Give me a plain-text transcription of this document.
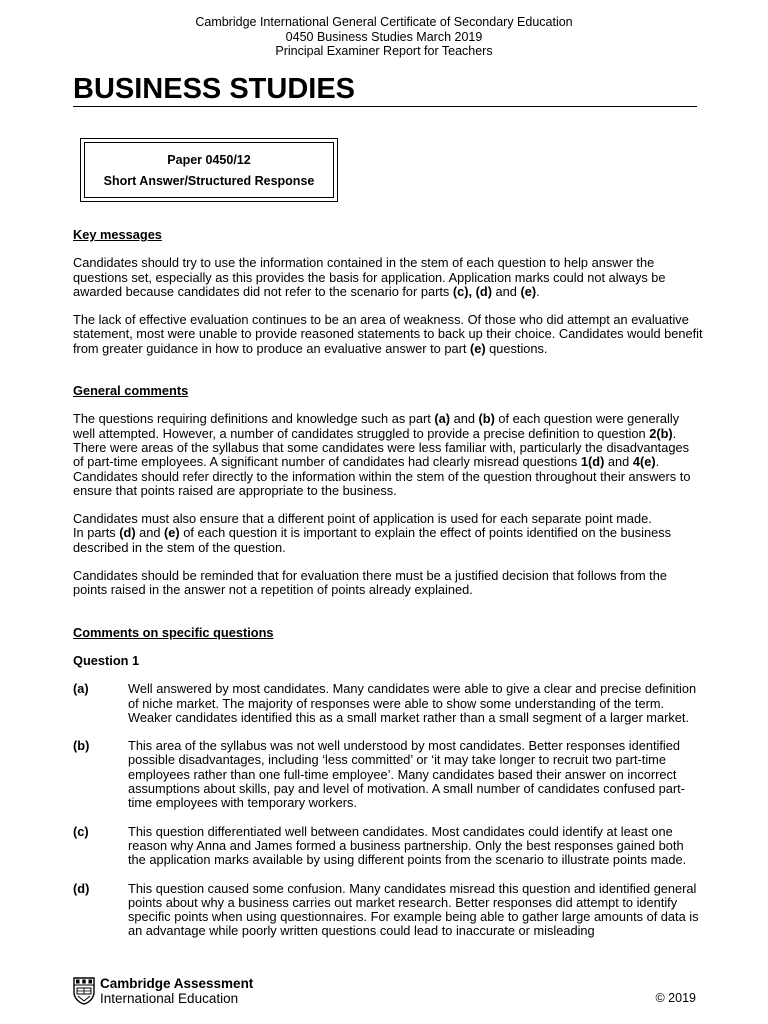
Cambridge International General Certificate of Secondary Education
0450 Business Studies March 2019
Principal Examiner Report for Teachers
BUSINESS STUDIES
Paper 0450/12
Short Answer/Structured Response

Key messages

Candidates should try to use the information contained in the stem of each question to help answer the questions set, especially as this provides the basis for application. Application marks could not always be awarded because candidates did not refer to the scenario for parts (c), (d) and (e).

The lack of effective evaluation continues to be an area of weakness. Of those who did attempt an evaluative statement, most were unable to provide reasoned statements to back up their choice. Candidates would benefit from greater guidance in how to produce an evaluative answer to part (e) questions.

General comments

The questions requiring definitions and knowledge such as part (a) and (b) of each question were generally well attempted. However, a number of candidates struggled to provide a precise definition to question 2(b). There were areas of the syllabus that some candidates were less familiar with, particularly the disadvantages of part-time employees. A significant number of candidates had clearly misread questions 1(d) and 4(e). Candidates should refer directly to the information within the stem of the question throughout their answers to ensure that points raised are appropriate to the business.

Candidates must also ensure that a different point of application is used for each separate point made.
In parts (d) and (e) of each question it is important to explain the effect of points identified on the business described in the stem of the question.

Candidates should be reminded that for evaluation there must be a justified decision that follows from the points raised in the answer not a repetition of points already explained.

Comments on specific questions

Question 1

(a)	Well answered by most candidates. Many candidates were able to give a clear and precise definition of niche market. The majority of responses were able to show some understanding of the term. Weaker candidates identified this as a small market rather than a small segment of a larger market.
(b)	This area of the syllabus was not well understood by most candidates. Better responses identified possible disadvantages, including ‘less committed’ or ‘it may take longer to recruit two part-time employees rather than one full-time employee’. Many candidates based their answer on incorrect assumptions about skills, pay and level of motivation. A small number of candidates confused part-time employees with temporary workers.
(c)	This question differentiated well between candidates. Most candidates could identify at least one reason why Anna and James formed a business partnership. Only the best responses gained both the application marks available by using different points from the scenario to illustrate points made.
(d)	This question caused some confusion. Many candidates misread this question and identified general points about why a business carries out market research. Better responses did attempt to identify specific points when using questionnaires. For example being able to gather large amounts of data is an advantage while poorly written questions could lead to inaccurate or misleading
Cambridge Assessment
International Education	© 2019
